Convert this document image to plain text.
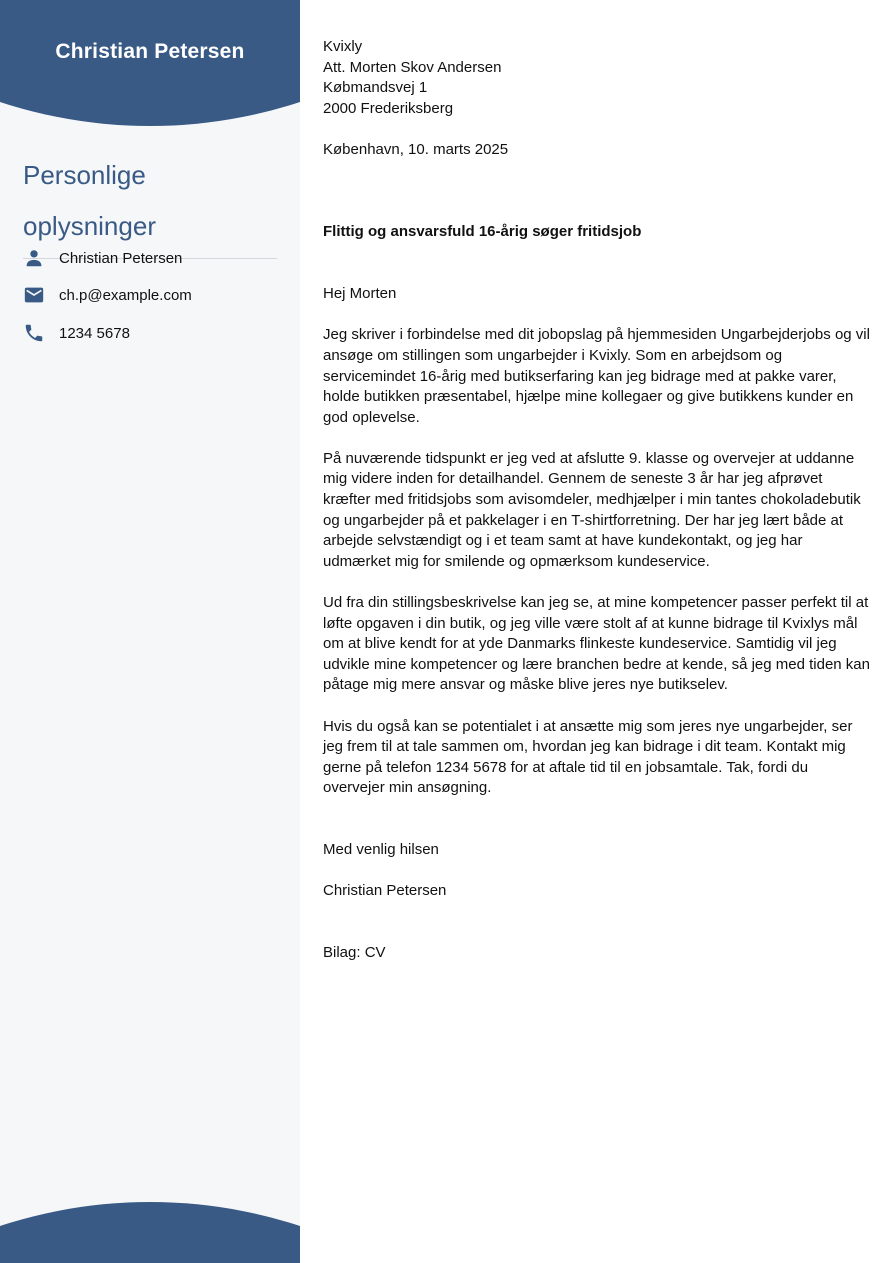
Christian Petersen
Personlige oplysninger
Christian Petersen
ch.p@example.com
1234 5678

Kvixly

Att. Morten Skov Andersen

Købmandsvej 1

2000 Frederiksberg

København, 10. marts 2025

Flittig og ansvarsfuld 16-årig søger fritidsjob

Hej Morten

Jeg skriver i forbindelse med dit jobopslag på hjemmesiden Ungarbejderjobs og vil ansøge om stillingen som ungarbejder i Kvixly. Som en arbejdsom og servicemindet 16-årig med butikserfaring kan jeg bidrage med at pakke varer, holde butikken præsentabel, hjælpe mine kollegaer og give butikkens kunder en god oplevelse.

På nuværende tidspunkt er jeg ved at afslutte 9. klasse og overvejer at uddanne mig videre inden for detailhandel. Gennem de seneste 3 år har jeg afprøvet kræfter med fritidsjobs som avisomdeler, medhjælper i min tantes chokoladebutik og ungarbejder på et pakkelager i en T-shirtforretning. Der har jeg lært både at arbejde selvstændigt og i et team samt at have kundekontakt, og jeg har udmærket mig for smilende og opmærksom kundeservice.

Ud fra din stillingsbeskrivelse kan jeg se, at mine kompetencer passer perfekt til at løfte opgaven i din butik, og jeg ville være stolt af at kunne bidrage til Kvixlys mål om at blive kendt for at yde Danmarks flinkeste kundeservice. Samtidig vil jeg udvikle mine kompetencer og lære branchen bedre at kende, så jeg med tiden kan påtage mig mere ansvar og måske blive jeres nye butikselev.

Hvis du også kan se potentialet i at ansætte mig som jeres nye ungarbejder, ser jeg frem til at tale sammen om, hvordan jeg kan bidrage i dit team. Kontakt mig gerne på telefon 1234 5678 for at aftale tid til en jobsamtale. Tak, fordi du overvejer min ansøgning.

Med venlig hilsen

Christian Petersen

Bilag: CV
